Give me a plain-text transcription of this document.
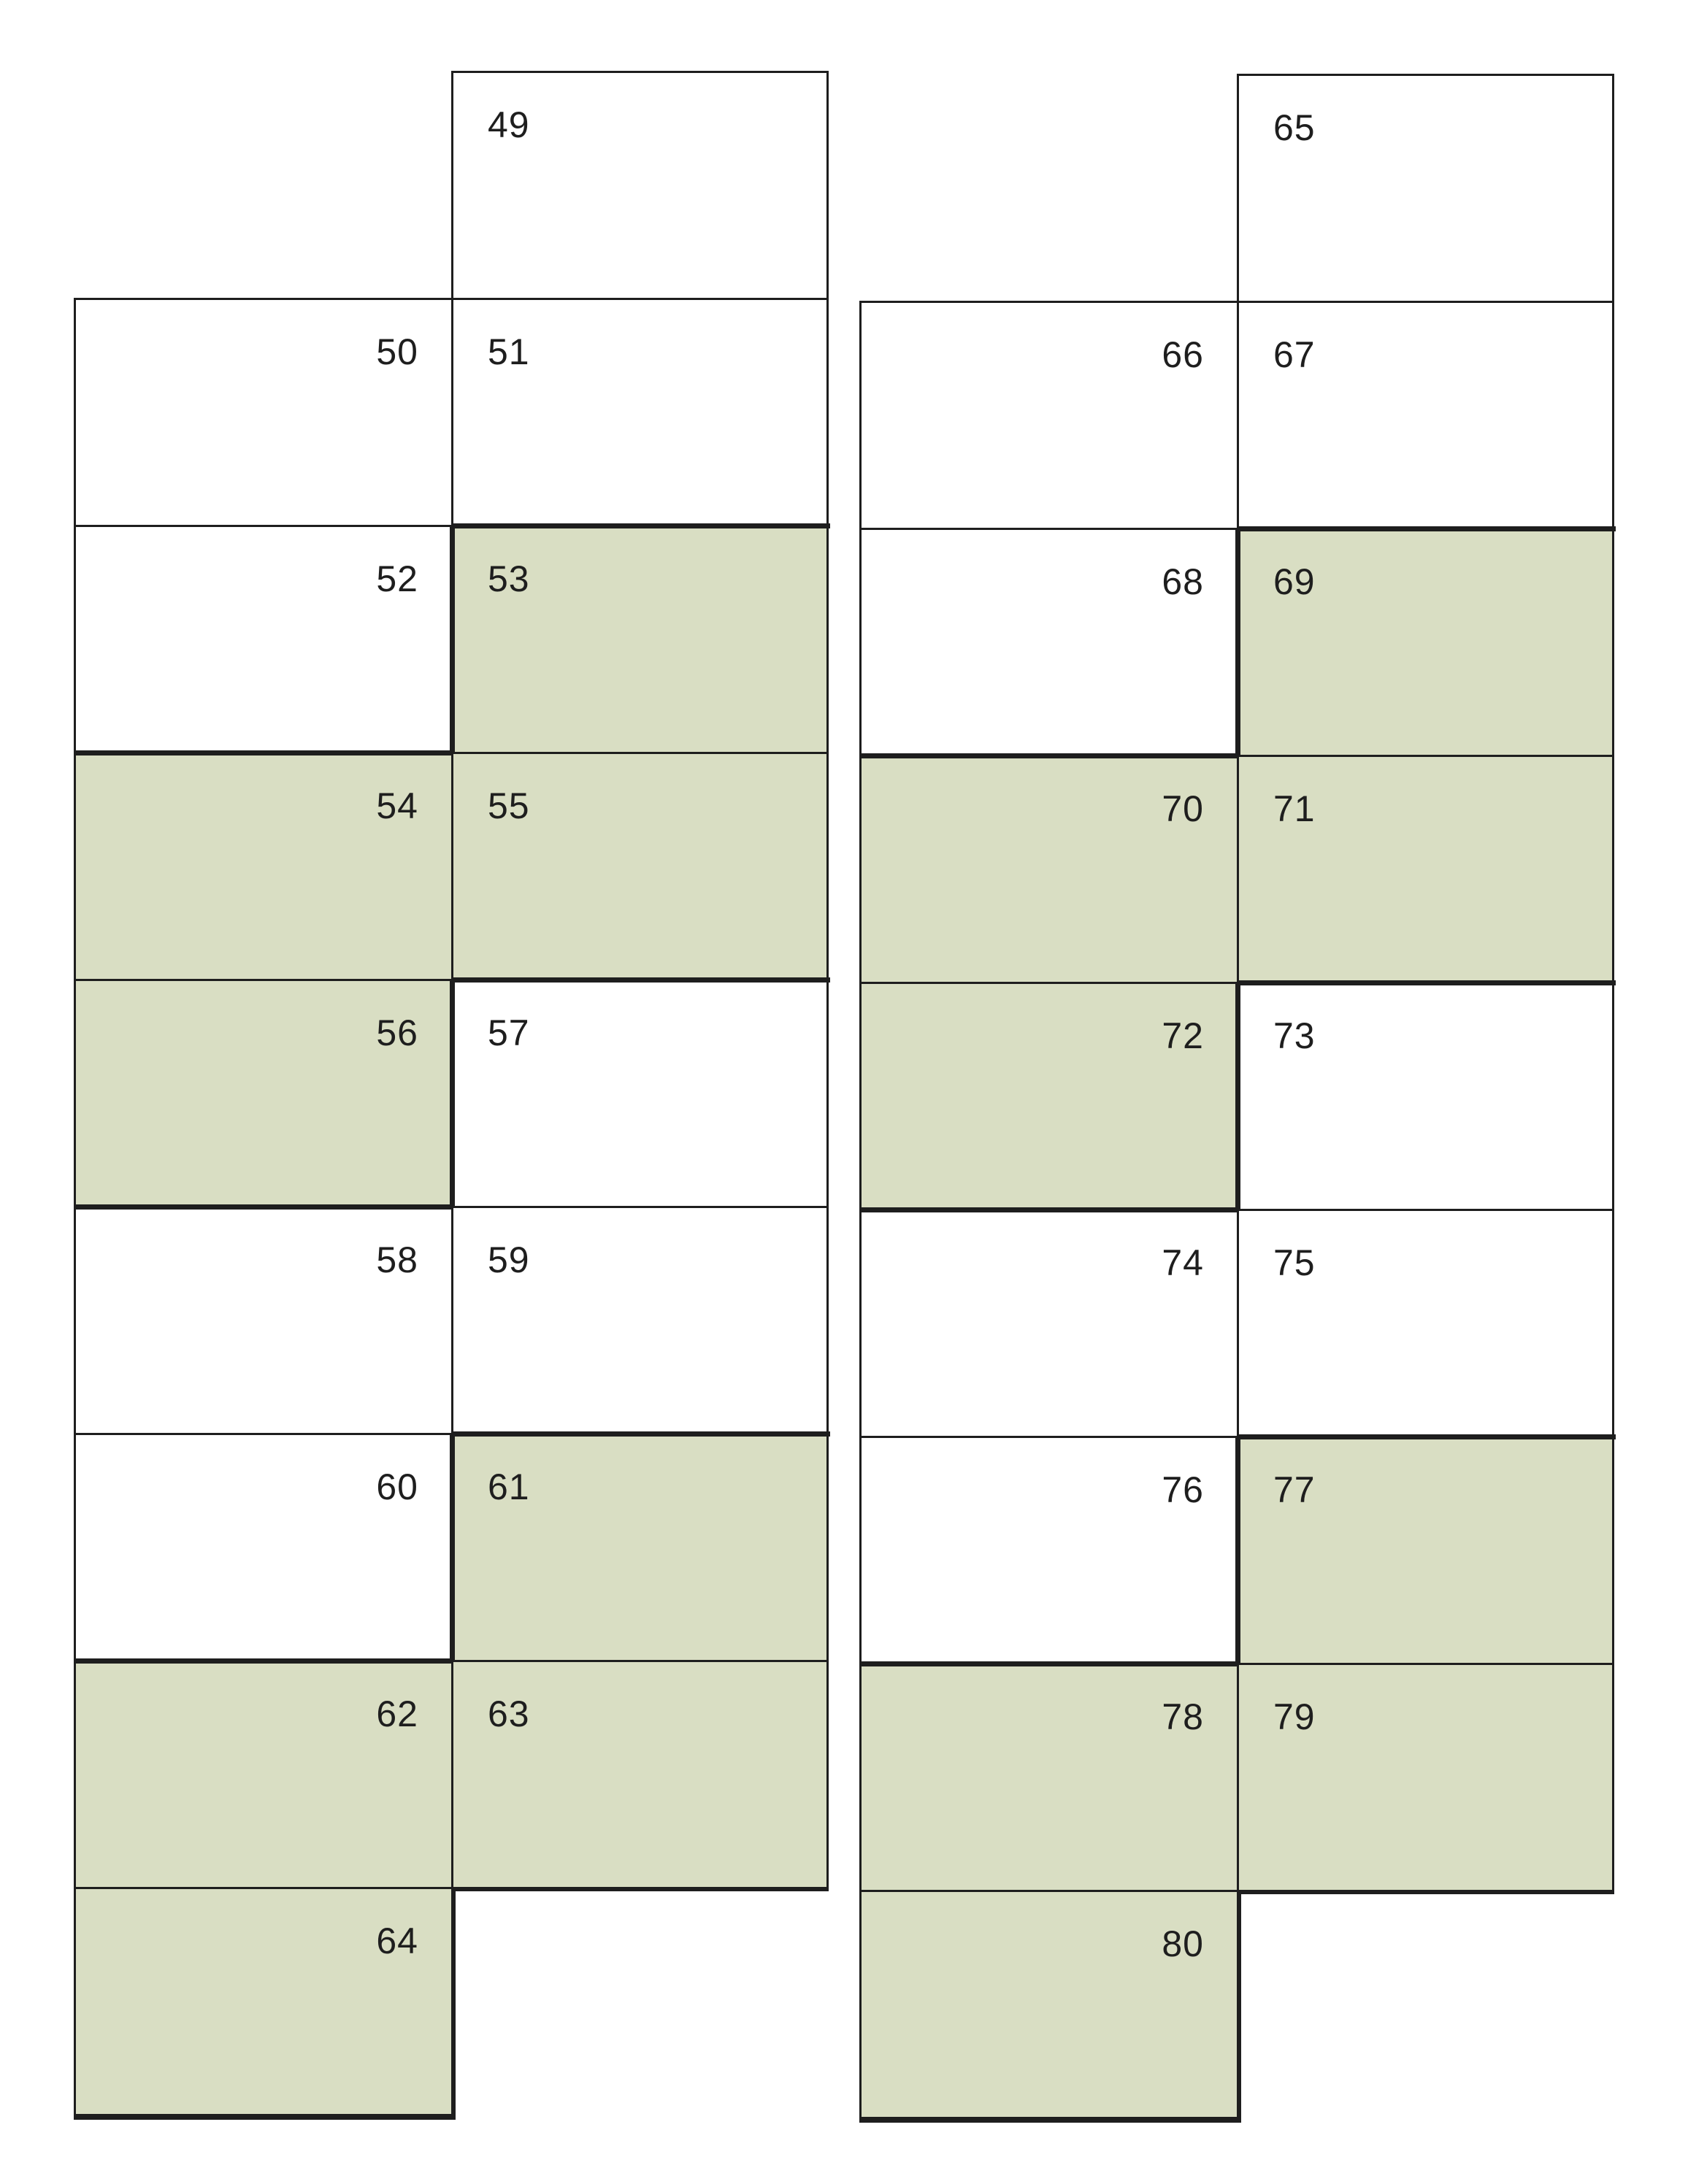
49
50 51
52 53
54 55
56 57
58 59
60 61
62 63
64
65
66 67
68 69
70 71
72 73
74 75
76 77
78 79
80
